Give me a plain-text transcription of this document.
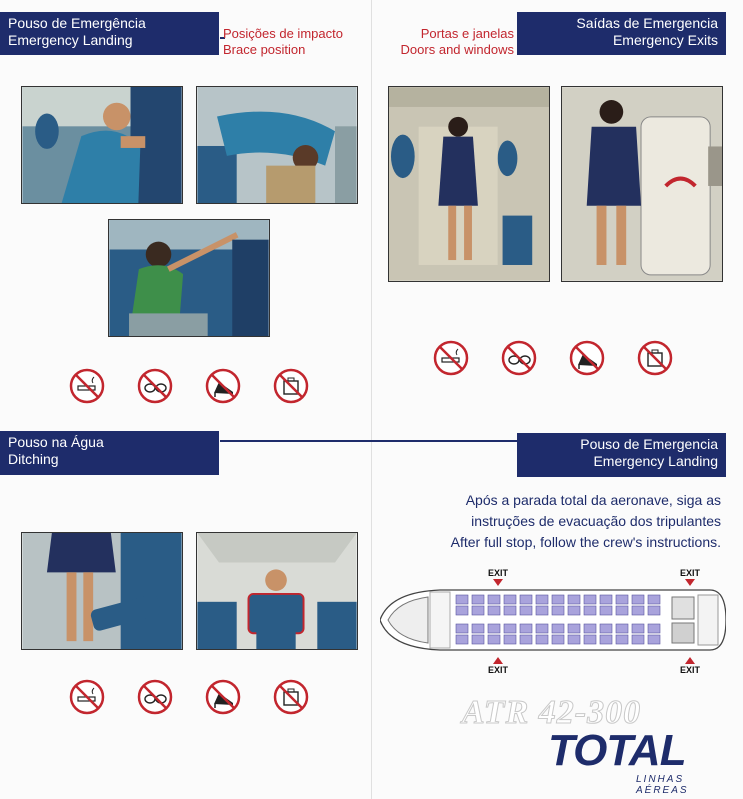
Pouso de Emergência
Emergency Landing	Posições de impacto
Brace position
Portas e janelas
Doors and windows
Saídas de Emergencia
Emergency Exits
Pouso na Água
Ditching
Pouso de Emergencia
Emergency Landing
Após a parada total da aeronave, siga as
instruções de evacuação dos tripulantes
After full stop, follow the crew's instructions.
EXIT	EXIT
EXIT	EXIT
ATR 42-300
TOTAL
LINHAS AÉREAS
